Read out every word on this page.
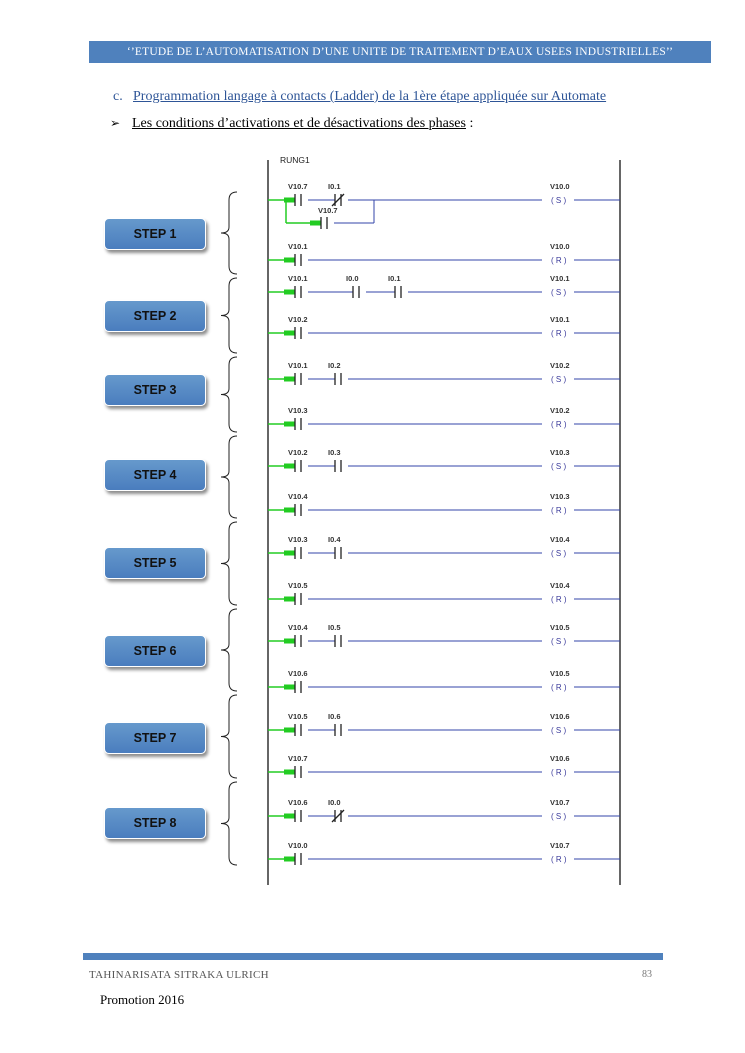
‘’ETUDE DE L’AUTOMATISATION D’UNE UNITE DE TRAITEMENT D’EAUX USEES INDUSTRIELLES’’
c. Programmation langage à contacts (Ladder) de la 1ère étape appliquée sur Automate
➢ Les conditions d’activations et de désactivations des phases :
RUNG1
V10.7	I0.1
V10.7
( S )
V10.0
V10.1
( R )
V10.0
V10.1	I0.0	I0.1
( S )
V10.1
V10.2
( R )
V10.1
V10.1	I0.2
( S )
V10.2
V10.3
( R )
V10.2
V10.2	I0.3
( S )
V10.3
V10.4
( R )
V10.3
V10.3	I0.4
( S )
V10.4
V10.5
( R )
V10.4
V10.4	I0.5
( S )
V10.5
V10.6
( R )
V10.5
V10.5	I0.6
( S )
V10.6
V10.7
( R )
V10.6
V10.6	I0.0
( S )
V10.7
V10.0
( R )
V10.7
STEP 1
STEP 2
STEP 3
STEP 4
STEP 5
STEP 6
STEP 7
STEP 8
TAHINARISATA SITRAKA ULRICH	83
Promotion 2016
